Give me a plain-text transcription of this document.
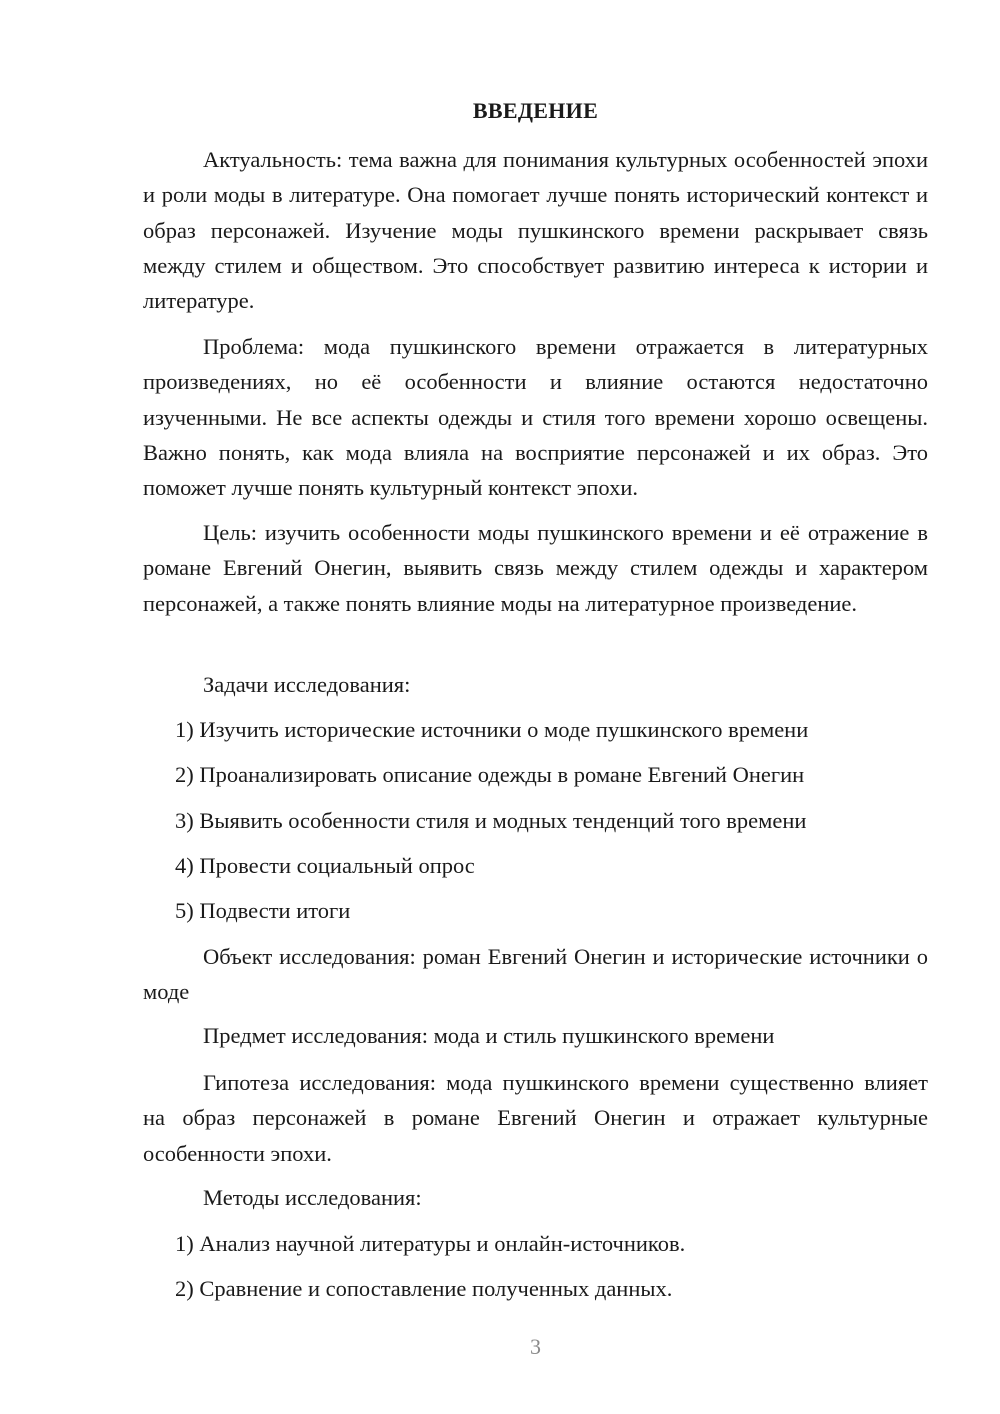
ВВЕДЕНИЕ

Актуальность: тема важна для понимания культурных особенностей эпохи и роли моды в литературе. Она помогает лучше понять исторический контекст и образ персонажей. Изучение моды пушкинского времени раскрывает связь между стилем и обществом. Это способствует развитию интереса к истории и литературе.

Проблема: мода пушкинского времени отражается в литературных произведениях, но её особенности и влияние остаются недостаточно изученными. Не все аспекты одежды и стиля того времени хорошо освещены. Важно понять, как мода влияла на восприятие персонажей и их образ. Это поможет лучше понять культурный контекст эпохи.

Цель: изучить особенности моды пушкинского времени и её отражение в романе Евгений Онегин, выявить связь между стилем одежды и характером персонажей, а также понять влияние моды на литературное произведение.

Задачи исследования:
1) Изучить исторические источники о моде пушкинского времени
2) Проанализировать описание одежды в романе Евгений Онегин
3) Выявить особенности стиля и модных тенденций того времени
4) Провести социальный опрос
5) Подвести итоги

Объект исследования: роман Евгений Онегин и исторические источники о моде

Предмет исследования: мода и стиль пушкинского времени

Гипотеза исследования: мода пушкинского времени существенно влияет на образ персонажей в романе Евгений Онегин и отражает культурные особенности эпохи.

Методы исследования:
1) Анализ научной литературы и онлайн-источников.
2) Сравнение и сопоставление полученных данных.
3
